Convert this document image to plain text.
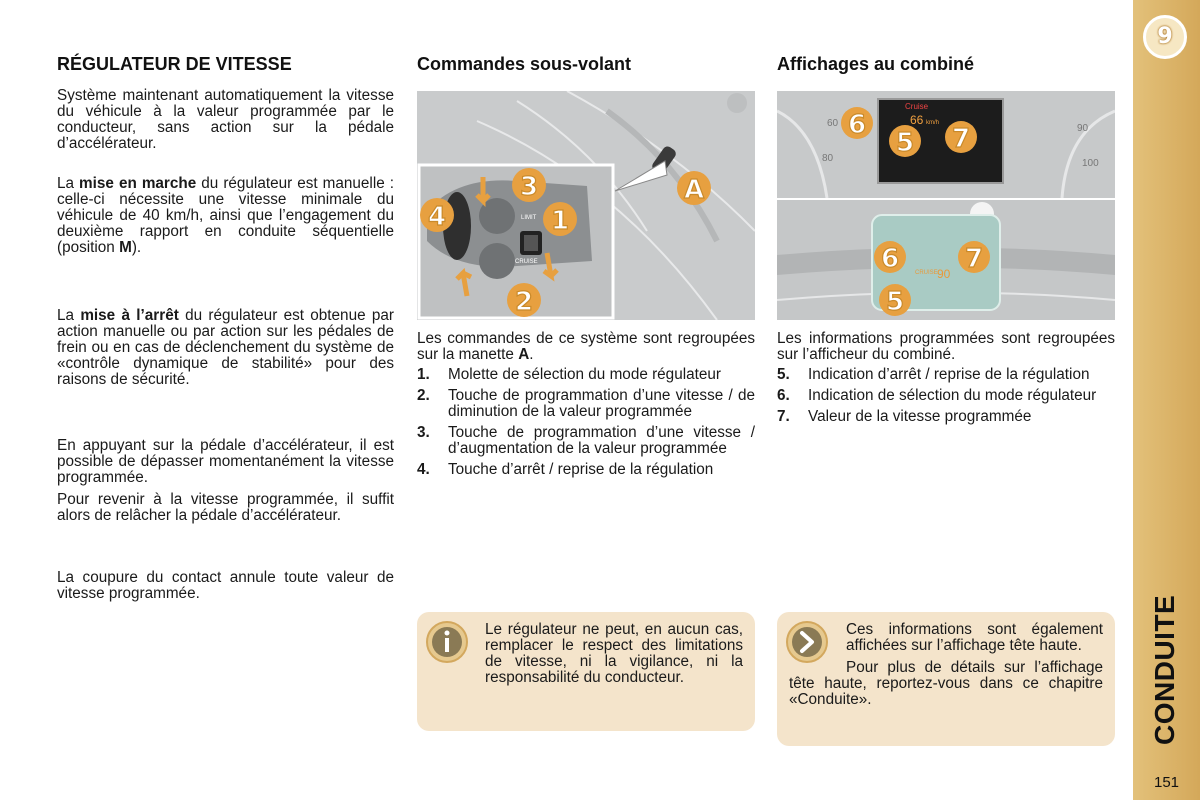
RÉGULATEUR DE VITESSE

Système maintenant automatiquement la vitesse du véhicule à la valeur programmée par le conducteur, sans action sur la pédale d’accélérateur.

La mise en marche du régulateur est manuelle : celle-ci nécessite une vitesse minimale du véhicule de 40 km/h, ainsi que l’engagement du deuxième rapport en conduite séquentielle (position M).

La mise à l’arrêt du régulateur est obtenue par action manuelle ou par action sur les pédales de frein ou en cas de déclenchement du système de «contrôle dynamique de stabilité» pour des raisons de sécurité.

En appuyant sur la pédale d’accélérateur, il est possible de dépasser momentanément la vitesse programmée.

Pour revenir à la vitesse programmée, il suffit alors de relâcher la pédale d’accélérateur.

La coupure du contact annule toute valeur de vitesse programmée.

Commandes sous-volant
LIMIT
CRUISE
3
4	1
2
A

Les commandes de ce système sont regroupées sur la manette A.

1.	Molette de sélection du mode régulateur
2.	Touche de programmation d’une vitesse / de diminution de la valeur programmée
3.	Touche de programmation d’une vitesse / d’augmentation de la valeur programmée
4.	Touche d’arrêt / reprise de la régulation
Le régulateur ne peut, en aucun cas, remplacer le respect des limitations de vitesse, ni la vigilance, ni la responsabilité du conducteur.
Affichages au combiné
60
80
90
100
Cruise
66 km/h
6
5 7
CRUISE 90
6	7
5

Les informations programmées sont regroupées sur l’afficheur du combiné.

5.	Indication d’arrêt / reprise de la régulation
6.	Indication de sélection du mode régulateur
7.	Valeur de la vitesse programmée
Ces informations sont également affichées sur l’affichage tête haute.
Pour plus de détails sur l’affichage tête haute, reportez-vous dans ce chapitre «Conduite».
9
CONDUITE
151
